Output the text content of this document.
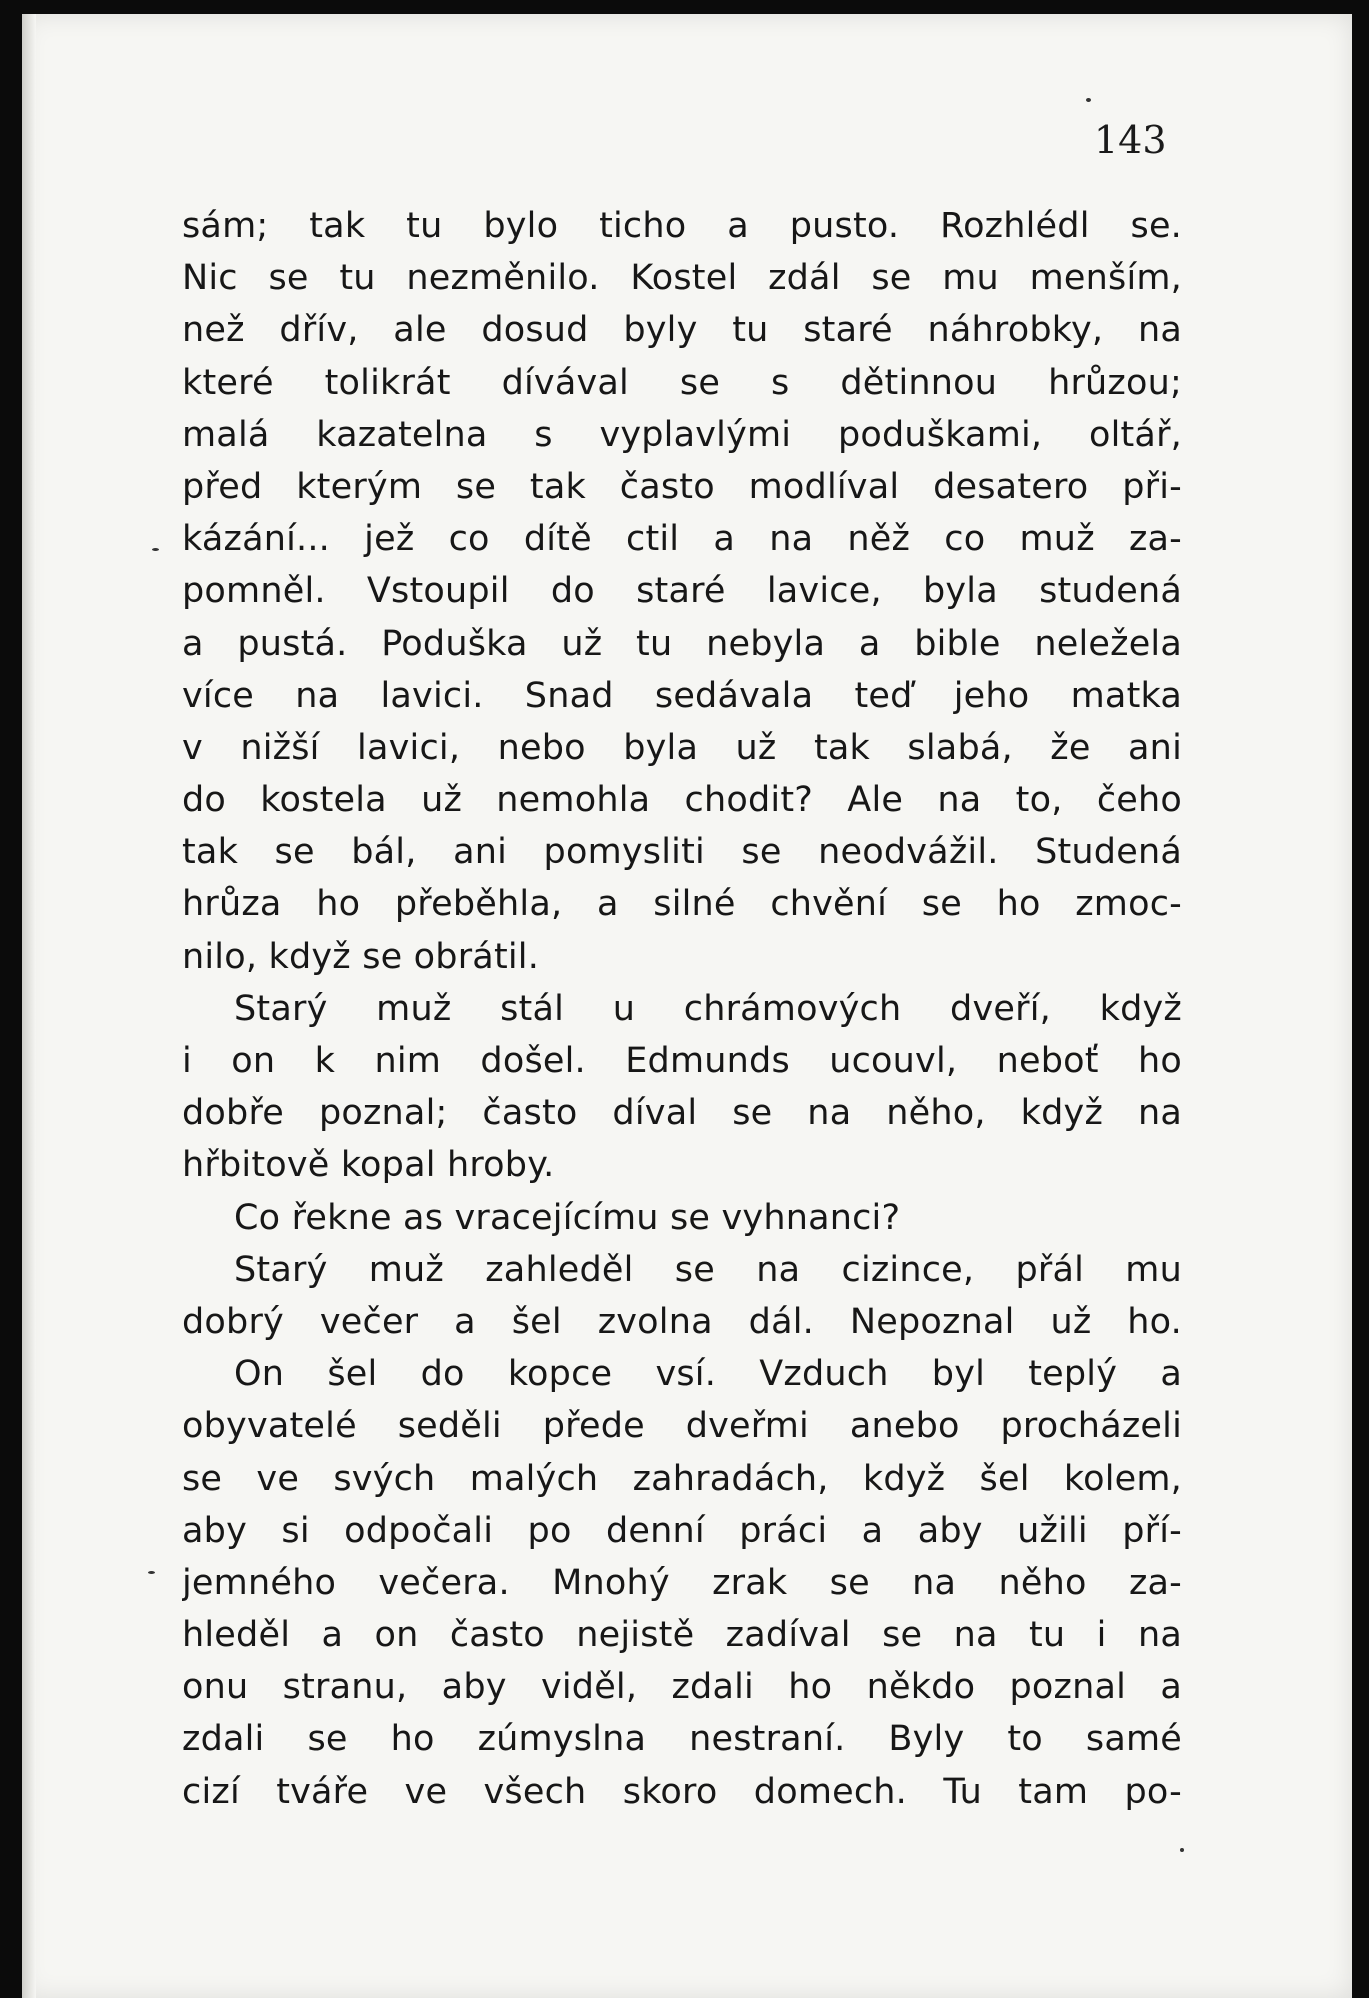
143
sám; tak tu bylo ticho a pusto. Rozhlédl se.
Nic se tu nezměnilo. Kostel zdál se mu menším,
než dřív, ale dosud byly tu staré náhrobky, na
které tolikrát dívával se s dětinnou hrůzou;
malá kazatelna s vyplavlými poduškami, oltář,
před kterým se tak často modlíval desatero při-
kázání... jež co dítě ctil a na něž co muž za-
pomněl. Vstoupil do staré lavice, byla studená
a pustá. Poduška už tu nebyla a bible neležela
více na lavici. Snad sedávala teď jeho matka
v nižší lavici, nebo byla už tak slabá, že ani
do kostela už nemohla chodit? Ale na to, čeho
tak se bál, ani pomysliti se neodvážil. Studená
hrůza ho přeběhla, a silné chvění se ho zmoc-
nilo, když se obrátil.
Starý muž stál u chrámových dveří, když
i on k nim došel. Edmunds ucouvl, neboť ho
dobře poznal; často díval se na něho, když na
hřbitově kopal hroby.
Co řekne as vracejícímu se vyhnanci?
Starý muž zahleděl se na cizince, přál mu
dobrý večer a šel zvolna dál. Nepoznal už ho.
On šel do kopce vsí. Vzduch byl teplý a
obyvatelé seděli přede dveřmi anebo procházeli
se ve svých malých zahradách, když šel kolem,
aby si odpočali po denní práci a aby užili pří-
jemného večera. Mnohý zrak se na něho za-
hleděl a on často nejistě zadíval se na tu i na
onu stranu, aby viděl, zdali ho někdo poznal a
zdali se ho zúmyslna nestraní. Byly to samé
cizí tváře ve všech skoro domech. Tu tam po-
